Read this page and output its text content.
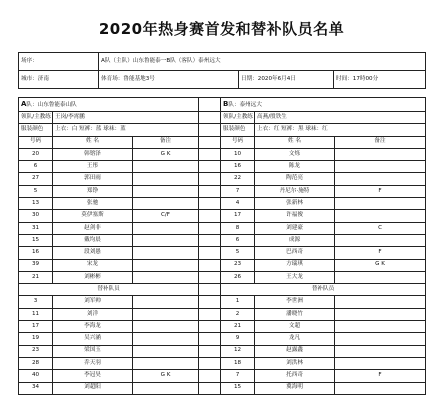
2020年热身赛首发和替补队员名单
场序：	A队（主队）山东鲁能泰一B队（客队）泰州远大		
城市：济南	体育场：鲁能基地3号	日期：2020年6月4日	时间：17時00分
A队：山东鲁能泰山队				B队：泰州远大		
领队/主教练	王岗/李霄鹏			领队/主教练	高燕/殷铁生	
服装颜色	上衣：白 短裤：蓝 球袜：蓝			服装颜色	上衣：红 短裤：黑 球袜：红	
号码	姓 名	备注		号码	姓 名	备注
20	韩镕泽	G K		10	文烁	
6	王彤			16	陈龙	
27	郭田雨			22	陶范亮	
5	郑铮			7	丹尼尔·施特	F
13	张驰			4	张新林	
30	莫伊塞斯	C/F		17	许福俊	
31	赵剑非			8	刘建豪	C
15	戴均晨			6	成源	
16	段刘愚			5	巴西奇	F
39	宋龙			23	方瑞琪	G K
21	刘彬彬			26	王大龙	
替补队员				替补队员		
3	刘军帅			1	李世洲	
11	刘洋			2	潘晓竹	
17	李海龙			21	文超	
19	吴兴涵			9	龙凡	
23	梁国玉			12	赵露鑫	
28	乔天羽			18	刘洪林	
40	李冠昊	G K		7	托西奇	F
34	刘超阳			15	冀海明	
